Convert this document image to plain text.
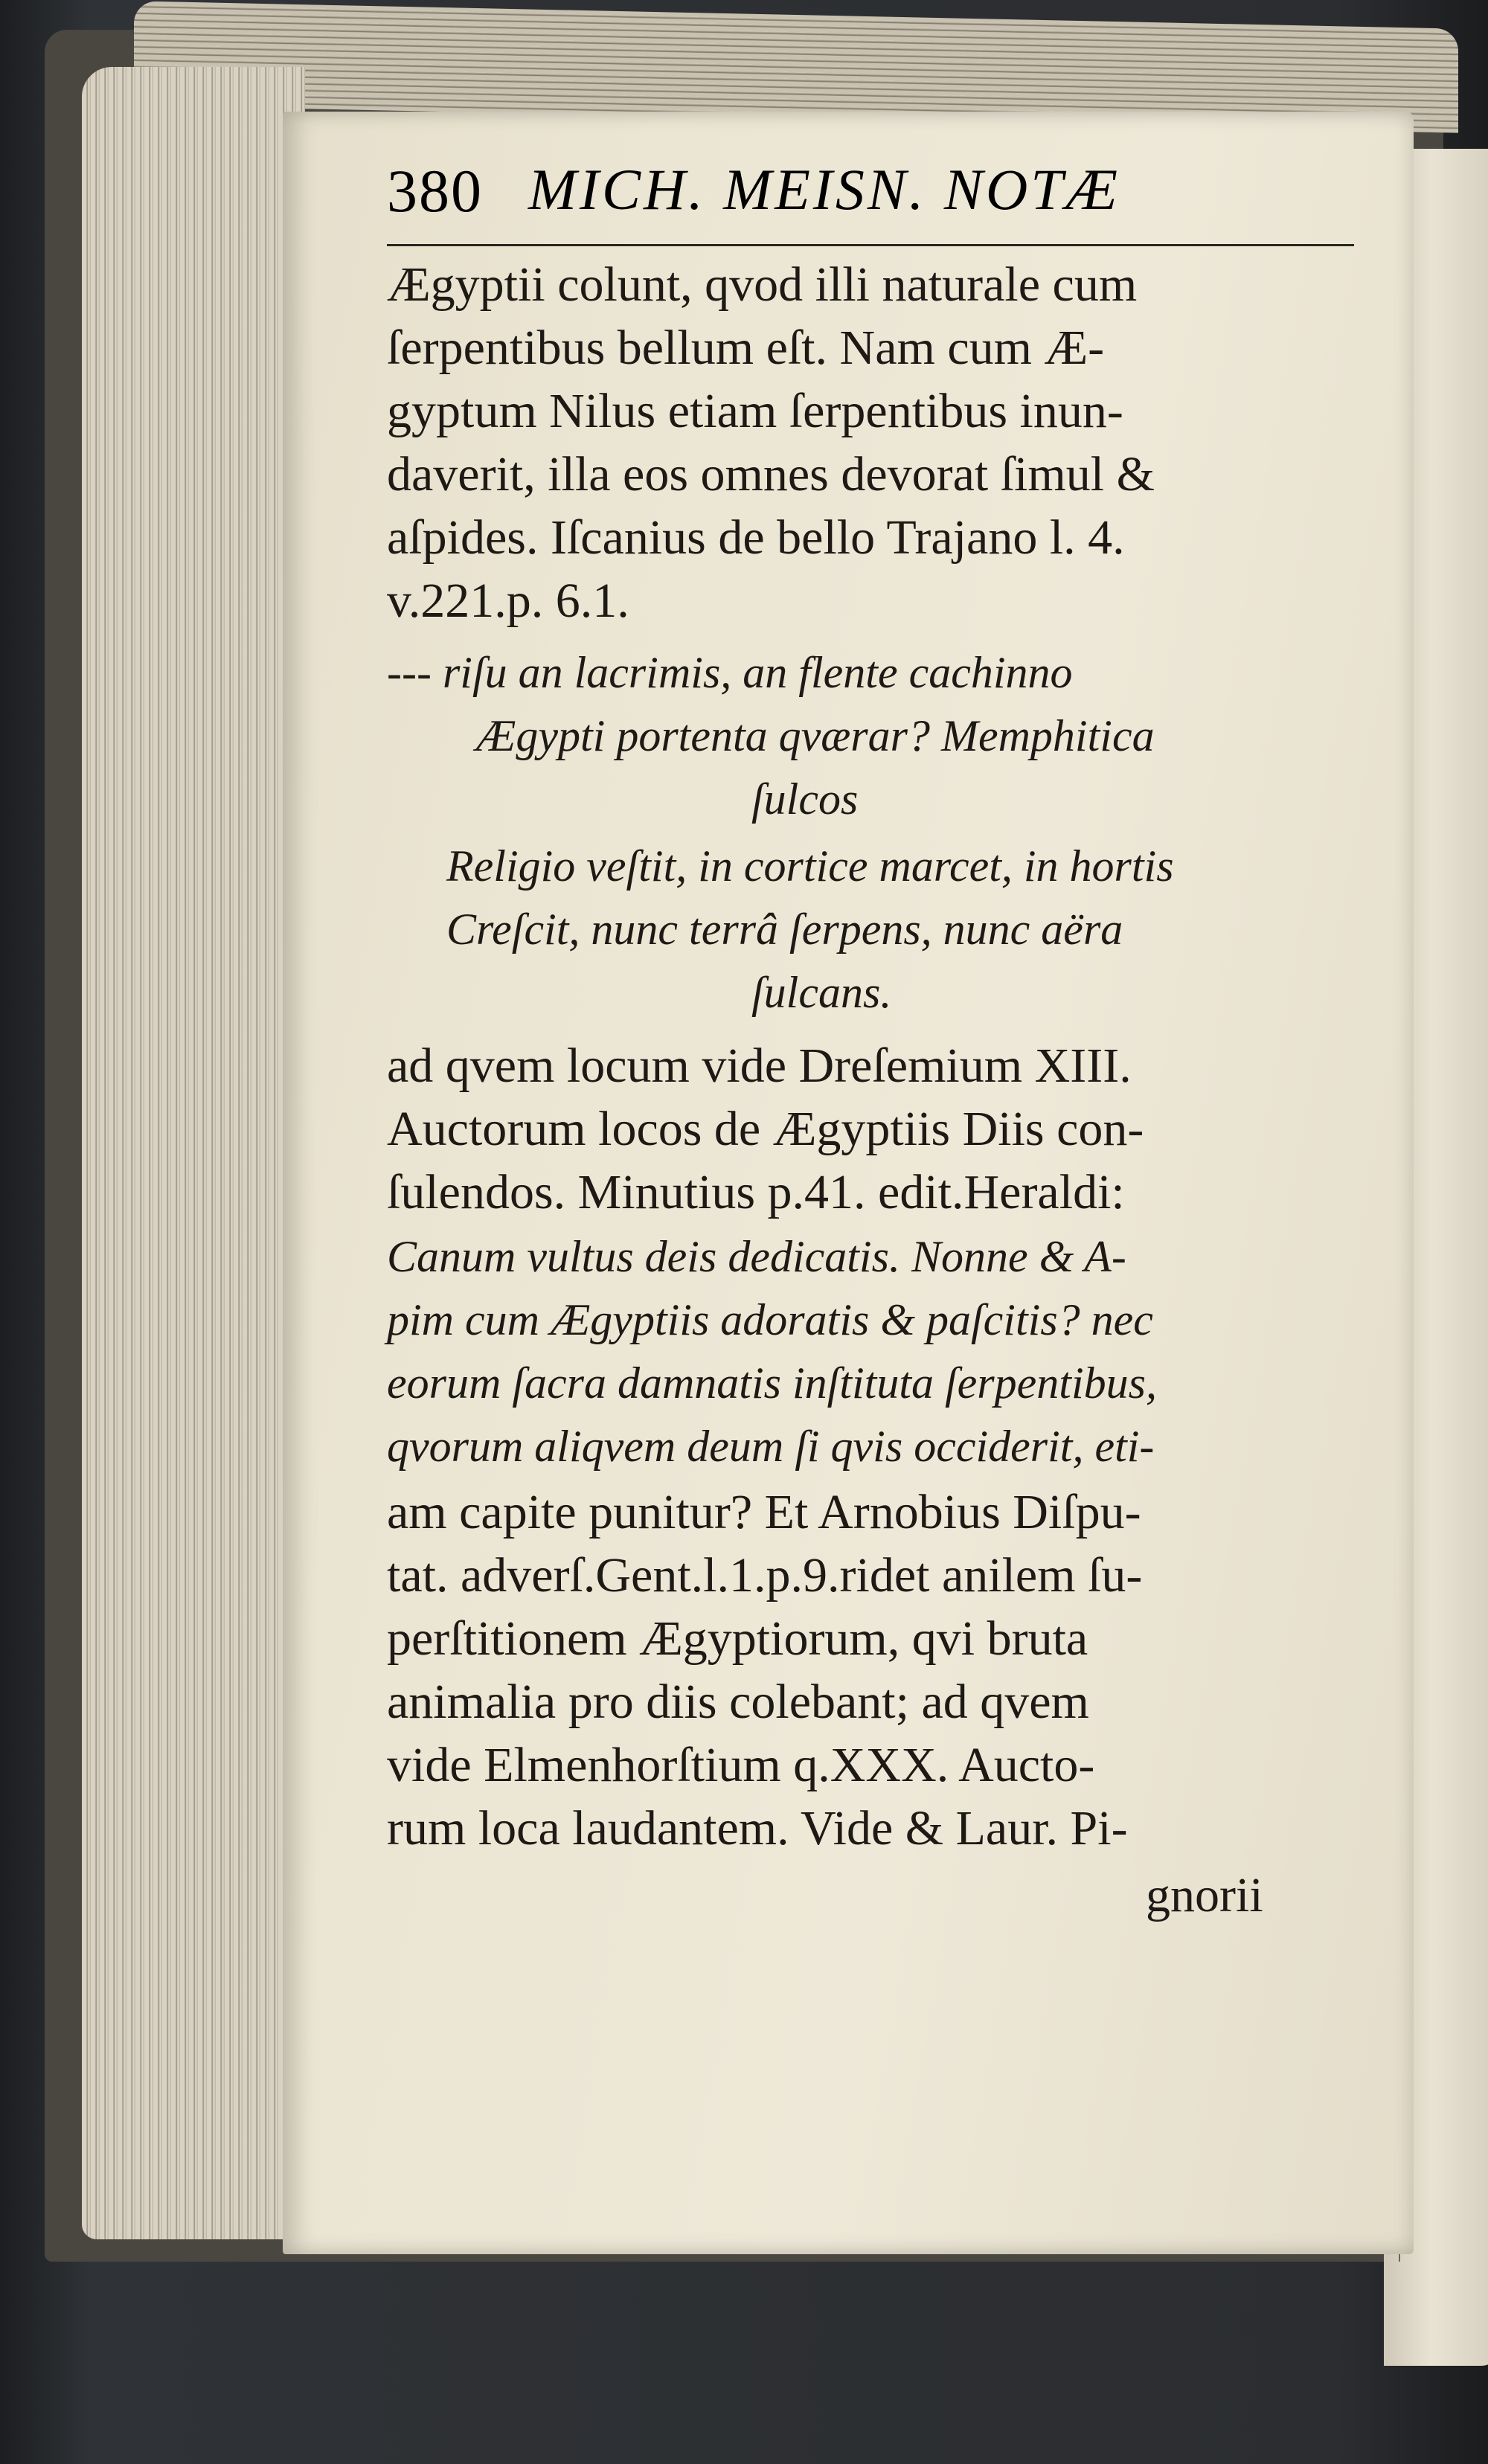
380 MICH. MEISN. NOTÆ
Ægyptii colunt, qvod illi naturale cum
ſerpentibus bellum eſt. Nam cum Æ-
gyptum Nilus etiam ſerpentibus inun-
daverit, illa eos omnes devorat ſimul &
aſpides. Iſcanius de bello Trajano l. 4.
v.221.p. 6.1.
--- riſu an lacrimis, an flente cachinno
Ægypti portenta qværar? Memphitica
ſulcos
Religio veſtit, in cortice marcet, in hortis
Creſcit, nunc terrâ ſerpens, nunc aëra
ſulcans.
ad qvem locum vide Dreſemium XIII.
Auctorum locos de Ægyptiis Diis con-
ſulendos. Minutius p.41. edit.Heraldi:
Canum vultus deis dedicatis. Nonne & A-
pim cum Ægyptiis adoratis & paſcitis? nec
eorum ſacra damnatis inſtituta ſerpentibus,
qvorum aliqvem deum ſi qvis occiderit, eti-
am capite punitur? Et Arnobius Diſpu-
tat. adverſ.Gent.l.1.p.9.ridet anilem ſu-
perſtitionem Ægyptiorum, qvi bruta
animalia pro diis colebant; ad qvem
vide Elmenhorſtium q.XXX. Aucto-
rum loca laudantem. Vide & Laur. Pi-
gnorii
